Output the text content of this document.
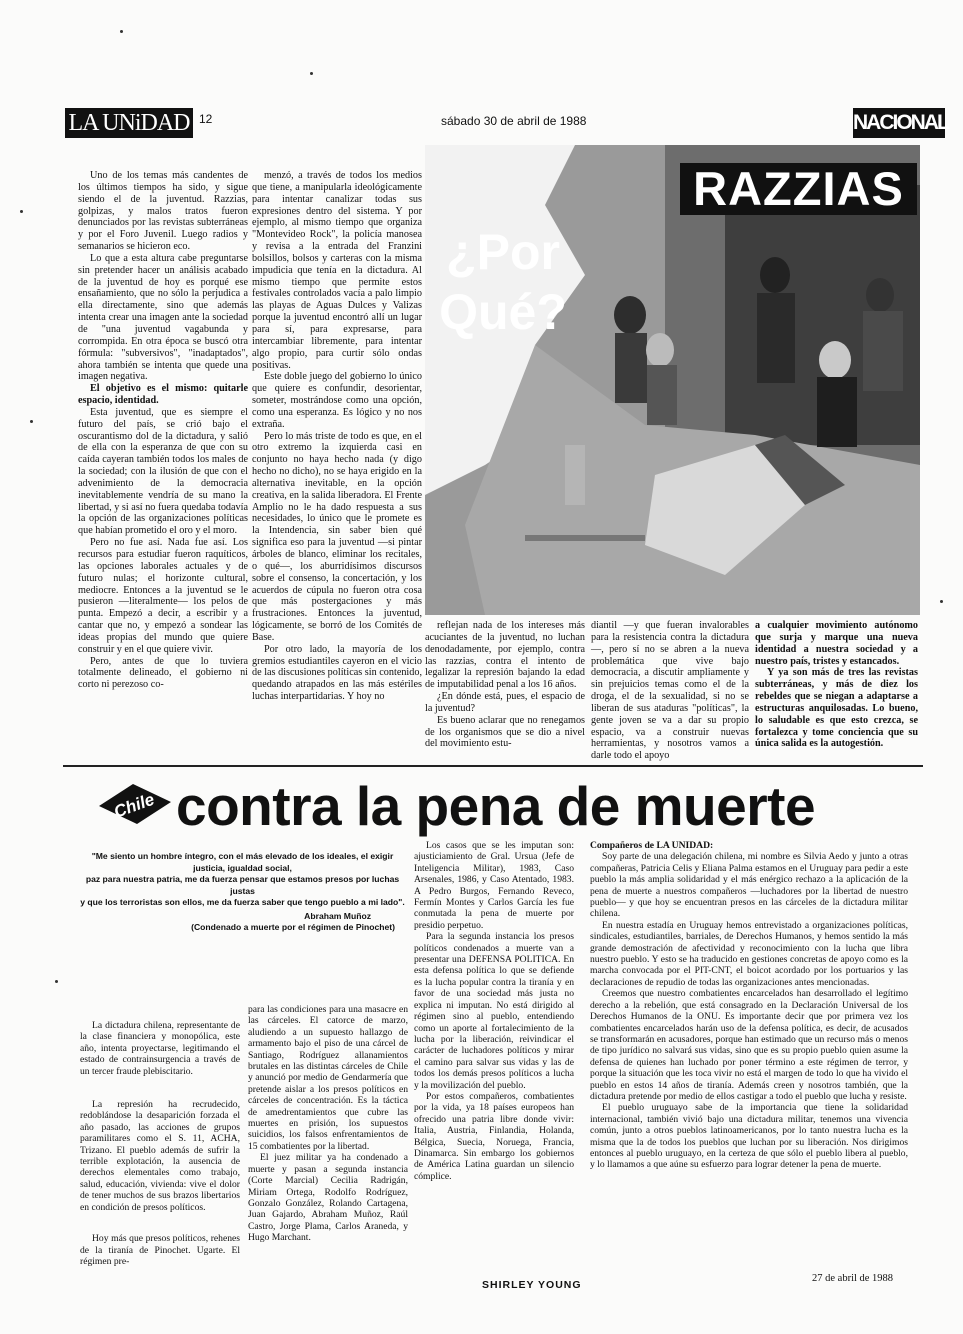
LA UNiDAD 12	sábado 30 de abril de 1988	NACIONAL

Uno de los temas más candentes de los últimos tiempos ha sido, y sigue siendo el de la juventud. Razzias, golpizas, y malos tratos fueron denunciados por las revistas subterráneas y por el Foro Juvenil. Luego radios y semanarios se hicieron eco.

Lo que a esta altura cabe preguntarse sin pretender hacer un análisis acabado de la juventud de hoy es porqué ese ensañamiento, que no sólo la perjudica a ella directamente, sino que además intenta crear una imagen ante la sociedad de "una juventud vagabunda y corrompida. En otra época se buscó otra fórmula: "subversivos", "inadaptados", ahora también se intenta que quede una imagen negativa.

El objetivo es el mismo: quitarle espacio, identidad.

Esta juventud, que es siempre el futuro del país, se crió bajo el oscurantismo dol de la dictadura, y salió de ella con la esperanza de que con su caída cayeran también todos los males de la sociedad; con la ilusión de que con el advenimiento de la democracia inevitablemente vendría de su mano la libertad, y si así no fuera quedaba todavía la opción de las organizaciones políticas que habían prometido el oro y el moro.

Pero no fue así. Nada fue así. Los recursos para estudiar fueron raquíticos, las opciones laborales actuales y de futuro nulas; el horizonte cultural, mediocre. Entonces a la juventud se le pusieron —literalmente— los pelos de punta. Empezó a decir, a escribir y a cantar que no, y empezó a sondear las ideas propias del mundo que quiere construir y en el que quiere vivir.

Pero, antes de que lo tuviera totalmente delineado, el gobierno ni corto ni perezoso co-

menzó, a través de todos los medios que tiene, a manipularla ideológicamente para intentar canalizar todas sus expresiones dentro del sistema. Y por ejemplo, al mismo tiempo que organiza "Montevideo Rock", la policía manosea y revisa a la entrada del Franzini bolsillos, bolsos y carteras con la misma impudicia que tenía en la dictadura. Al mismo tiempo que permite estos festivales controlados vacía a palo limpio las playas de Aguas Dulces y Valizas porque la juventud encontró allí un lugar para sí, para expresarse, para intercambiar libremente, para intentar algo propio, para curtir sólo ondas positivas.

Este doble juego del gobierno lo único que quiere es confundir, desorientar, someter, mostrándose como una opción, como una esperanza. Es lógico y no nos extraña.

Pero lo más triste de todo es que, en el otro extremo la izquierda casi en conjunto no haya hecho nada (y digo hecho no dicho), no se haya erigido en la alternativa inevitable, en la opción creativa, en la salida liberadora. El Frente Amplio no le ha dado respuesta a sus necesidades, lo único que le promete es la Intendencia, sin saber bien qué significa eso para la juventud —si pintar árboles de blanco, eliminar los recitales, o qué—, los aburridísimos discursos sobre el consenso, la concertación, y los acuerdos de cúpula no fueron otra cosa que más postergaciones y más frustraciones. Entonces la juventud, lógicamente, se borró de los Comités de Base.

Por otro lado, la mayoría de los gremios estudiantiles cayeron en el vicio de las discusiones políticas sin contenido, quedando atrapados en las más estériles luchas interpartidarias. Y hoy no

RAZZIAS
¿Por
Qué?

reflejan nada de los intereses más acuciantes de la juventud, no luchan denodadamente, por ejemplo, contra las razzias, contra el intento de legalizar la represión bajando la edad de imputabilidad penal a los 16 años.

¿En dónde está, pues, el espacio de la juventud?

Es bueno aclarar que no renegamos de los organismos que se dio a nivel del movimiento estu-

diantil —y que fueran invalorables para la resistencia contra la dictadura—, pero sí no se abren a la nueva problemática que vive bajo democracia, a discutir ampliamente y sin prejuicios temas como el de la droga, el de la sexualidad, si no se liberan de sus ataduras "políticas", la gente joven se va a dar su propio espacio, va a construir nuevas herramientas, y nosotros vamos a darle todo el apoyo

a cualquier movimiento autónomo que surja y marque una nueva identidad a nuestra sociedad y a nuestro país, tristes y estancados.

Y ya son más de tres las revistas subterráneas, y más de diez los rebeldes que se niegan a adaptarse a estructuras anquilosadas. Lo bueno, lo saludable es que esto crezca, se fortalezca y tome conciencia que su única salida es la autogestión.

Chile contra la pena de muerte
"Me siento un hombre íntegro, con el más elevado de los ideales, el exigir justicia, igualdad social,
paz para nuestra patria, me da fuerza pensar que estamos presos por luchas justas
y que los terroristas son ellos, me da fuerza saber que tengo pueblo a mi lado".
Abraham Muñoz
(Condenado a muerte por el régimen de Pinochet)

La dictadura chilena, representante de la clase financiera y monopólica, este año, intenta proyectarse, legitimando el estado de contrainsurgencia a través de un tercer fraude plebiscitario.

La represión ha recrudecido, redoblándose la desaparición forzada el año pasado, las acciones de grupos paramilitares como el S. 11, ACHA, Trizano. El pueblo además de sufrir la terrible explotación, la ausencia de derechos elementales como trabajo, salud, educación, vivienda: vive el dolor de tener muchos de sus brazos libertarios en condición de presos políticos.

Hoy más que presos políticos, rehenes de la tiranía de Pinochet. Ugarte. El régimen pre-

para las condiciones para una masacre en las cárceles. El catorce de marzo, aludiendo a un supuesto hallazgo de armamento bajo el piso de una cárcel de Santiago, Rodríguez allanamientos brutales en las distintas cárceles de Chile y anunció por medio de Gendarmería que pretende aislar a los presos políticos en cárceles de concentración. Es la táctica de amedrentamientos que cubre las muertes en prisión, los supuestos suicidios, los falsos enfrentamientos de 15 combatientes por la libertad.

El juez militar ya ha condenado a muerte y pasan a segunda instancia (Corte Marcial) Cecilia Radrigán, Miriam Ortega, Rodolfo Rodríguez, Gonzalo González, Rolando Cartagena, Juan Gajardo, Abraham Muñoz, Raúl Castro, Jorge Plama, Carlos Araneda, y Hugo Marchant.

Los casos que se les imputan son: ajusticiamiento de Gral. Ursua (Jefe de Inteligencia Militar), 1983, Caso Arsenales, 1986, y Caso Atentado, 1983. A Pedro Burgos, Fernando Reveco, Fermín Montes y Carlos García les fue conmutada la pena de muerte por presidio perpetuo.

Para la segunda instancia los presos políticos condenados a muerte van a presentar una DEFENSA POLITICA. En esta defensa política lo que se defiende es la lucha popular contra la tiranía y en favor de una sociedad más justa no explica ni imputan. No está dirigido al régimen sino al pueblo, entendiendo como un aporte al fortalecimiento de la lucha por la liberación, reivindicar el carácter de luchadores políticos y mirar el camino para salvar sus vidas y las de todos los demás presos políticos a lucha y la movilización del pueblo.

Por estos compañeros, combatientes por la vida, ya 18 países europeos han ofrecido una patria libre donde vivir: Italia, Austria, Finlandia, Holanda, Bélgica, Suecia, Noruega, Francia, Dinamarca. Sin embargo los gobiernos de América Latina guardan un silencio cómplice.

SHIRLEY YOUNG

Compañeros de LA UNIDAD:

Soy parte de una delegación chilena, mi nombre es Silvia Aedo y junto a otras compañeras, Patricia Celis y Eliana Palma estamos en el Uruguay para pedir a este pueblo la más amplia solidaridad y el más enérgico rechazo a la aplicación de la pena de muerte a nuestros compañeros —luchadores por la libertad de nuestro pueblo— y que hoy se encuentran presos en las cárceles de la dictadura militar chilena.

En nuestra estadía en Uruguay hemos entrevistado a organizaciones políticas, sindicales, estudiantiles, barriales, de Derechos Humanos, y hemos sentido la más grande demostración de afectividad y reconocimiento con la lucha que libra nuestro pueblo. Y esto se ha traducido en gestiones concretas de apoyo como es la marcha convocada por el PIT-CNT, el boicot acordado por los portuarios y las declaraciones de repudio de todas las organizaciones antes mencionadas.

Creemos que nuestro combatientes encarcelados han desarrollado el legítimo derecho a la rebelión, que está consagrado en la Declaración Universal de los Derechos Humanos de la ONU. Es importante decir que por primera vez los combatientes encarcelados harán uso de la defensa política, es decir, de acusados se transformarán en acusadores, porque han estimado que un recurso más o menos de tipo jurídico no salvará sus vidas, sino que es su propio pueblo quien asume la defensa de quienes han luchado por poner término a este régimen de terror, y porque la situación que les toca vivir no está el margen de todo lo que ha vivido el pueblo en estos 14 años de tiranía. Además creen y nosotros también, que la dictadura pretende por medio de ellos castigar a todo el pueblo que lucha y resiste.

El pueblo uruguayo sabe de la importancia que tiene la solidaridad internacional, también vivió bajo una dictadura militar, tenemos una vivencia común, junto a otros pueblos latinoamericanos, por lo tanto nuestra lucha es la misma que la de todos los pueblos que luchan por su liberación. Nos dirigimos entonces al pueblo uruguayo, en la certeza de que sólo el pueblo libera al pueblo, y lo llamamos a que aúne su esfuerzo para lograr detener la pena de muerte.

27 de abril de 1988
